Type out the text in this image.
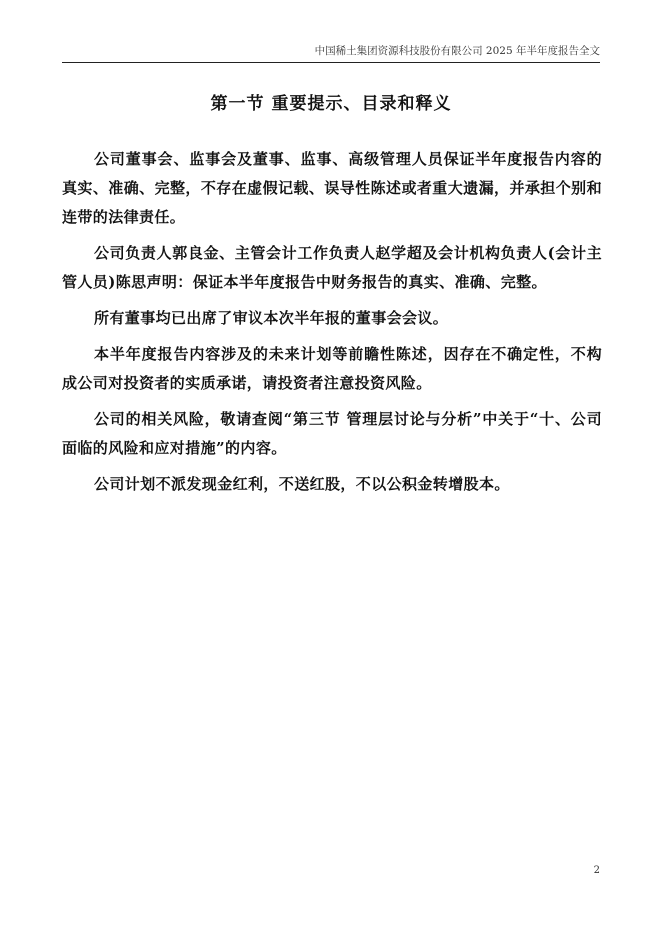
中国稀土集团资源科技股份有限公司 2025 年半年度报告全文
第一节 重要提示、目录和释义

公司董事会、监事会及董事、监事、高级管理人员保证半年度报告内容的真实、准确、完整，不存在虚假记载、误导性陈述或者重大遗漏，并承担个别和连带的法律责任。

公司负责人郭良金、主管会计工作负责人赵学超及会计机构负责人(会计主管人员)陈思声明：保证本半年度报告中财务报告的真实、准确、完整。

所有董事均已出席了审议本次半年报的董事会会议。

本半年度报告内容涉及的未来计划等前瞻性陈述，因存在不确定性，不构成公司对投资者的实质承诺，请投资者注意投资风险。

公司的相关风险，敬请查阅“第三节 管理层讨论与分析”中关于“十、公司面临的风险和应对措施”的内容。

公司计划不派发现金红利，不送红股，不以公积金转增股本。

2
